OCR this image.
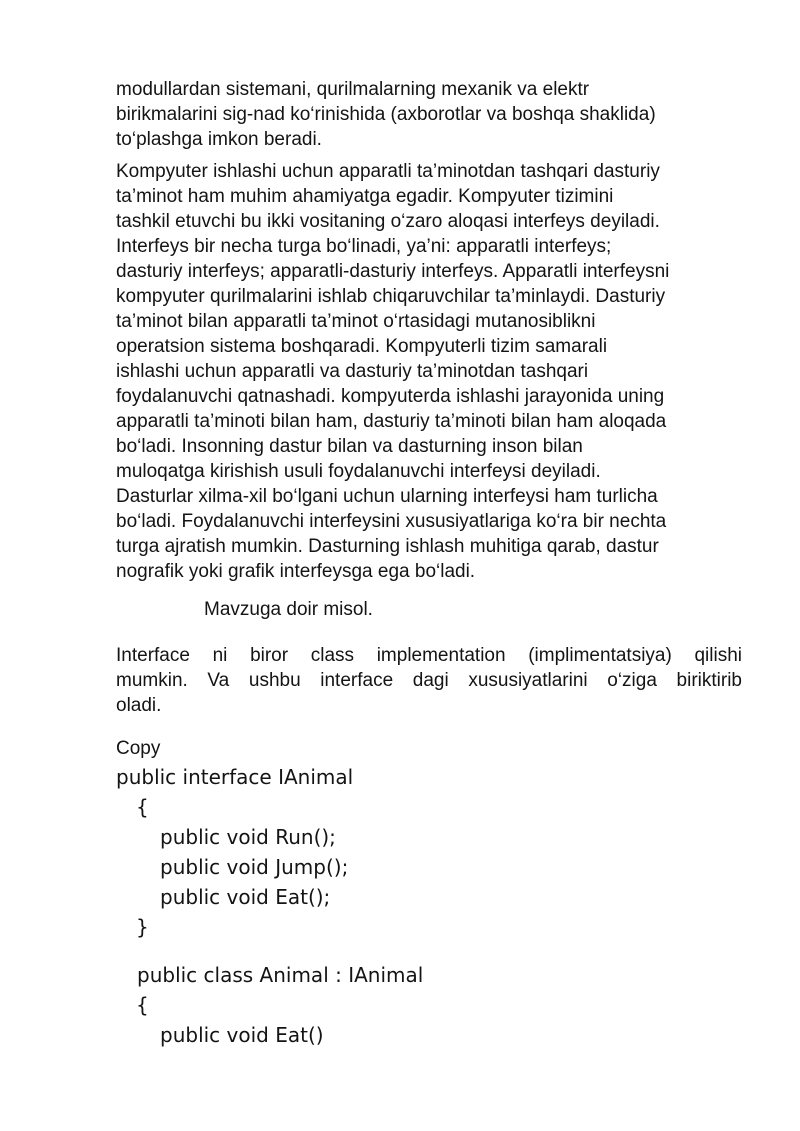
modullardan sistemani, qurilmalarning mexanik va elektr
birikmalarini sig-nad ko‘rinishida (axborotlar va boshqa shaklida)
to‘plashga imkon beradi.
Kompyuter ishlashi uchun apparatli ta’minotdan tashqari dasturiy
ta’minot ham muhim ahamiyatga egadir. Kompyuter tizimini
tashkil etuvchi bu ikki vositaning o‘zaro aloqasi interfeys deyiladi.
Interfeys bir necha turga bo‘linadi, ya’ni: apparatli interfeys;
dasturiy interfeys; apparatli-dasturiy interfeys. Apparatli interfeysni
kompyuter qurilmalarini ishlab chiqaruvchilar ta’minlaydi. Dasturiy
ta’minot bilan apparatli ta’minot o‘rtasidagi mutanosiblikni
operatsion sistema boshqaradi. Kompyuterli tizim samarali
ishlashi uchun apparatli va dasturiy ta’minotdan tashqari
foydalanuvchi qatnashadi. kompyuterda ishlashi jarayonida uning
apparatli ta’minoti bilan ham, dasturiy ta’minoti bilan ham aloqada
bo‘ladi. Insonning dastur bilan va dasturning inson bilan
muloqatga kirishish usuli foydalanuvchi interfeysi deyiladi.
Dasturlar xilma-xil bo‘lgani uchun ularning interfeysi ham turlicha
bo‘ladi. Foydalanuvchi interfeysini xususiyatlariga ko‘ra bir nechta
turga ajratish mumkin. Dasturning ishlash muhitiga qarab, dastur
nografik yoki grafik interfeysga ega bo‘ladi.
Mavzuga doir misol.
Interface ni biror class implementation (implimentatsiya) qilishi
mumkin. Va ushbu interface dagi xususiyatlarini o‘ziga biriktirib
oladi.
Copy
public interface IAnimal
{
public void Run();
public void Jump();
public void Eat();
}
public class Animal : IAnimal
{
public void Eat()
